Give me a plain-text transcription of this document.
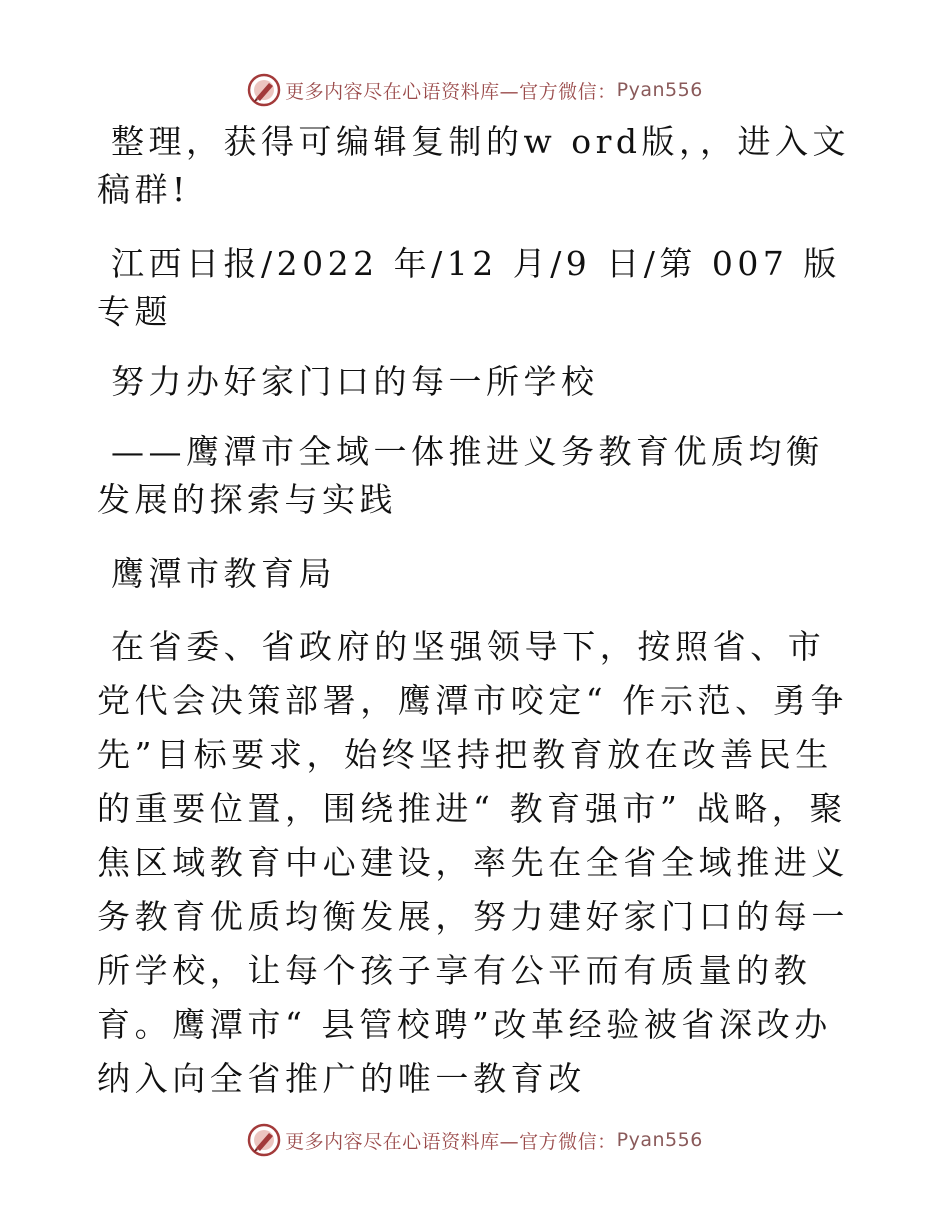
更多内容尽在心语资料库—官方微信： Pyan556

整理，获得可编辑复制的w ord版，，进入文稿群!

江西日报/2022 年/12 月/9 日/第 007 版专题

努力办好家门口的每一所学校

——鹰潭市全域一体推进义务教育优质均衡发展的探索与实践

鹰潭市教育局

在省委、省政府的坚强领导下，按照省、市党代会决策部署，鹰潭市咬定“ 作示范、勇争先”目标要求，始终坚持把教育放在改善民生的重要位置，围绕推进“ 教育强市” 战略，聚焦区域教育中心建设，率先在全省全域推进义务教育优质均衡发展，努力建好家门口的每一所学校，让每个孩子享有公平而有质量的教育。鹰潭市“ 县管校聘”改革经验被省深改办纳入向全省推广的唯一教育改

更多内容尽在心语资料库—官方微信： Pyan556
